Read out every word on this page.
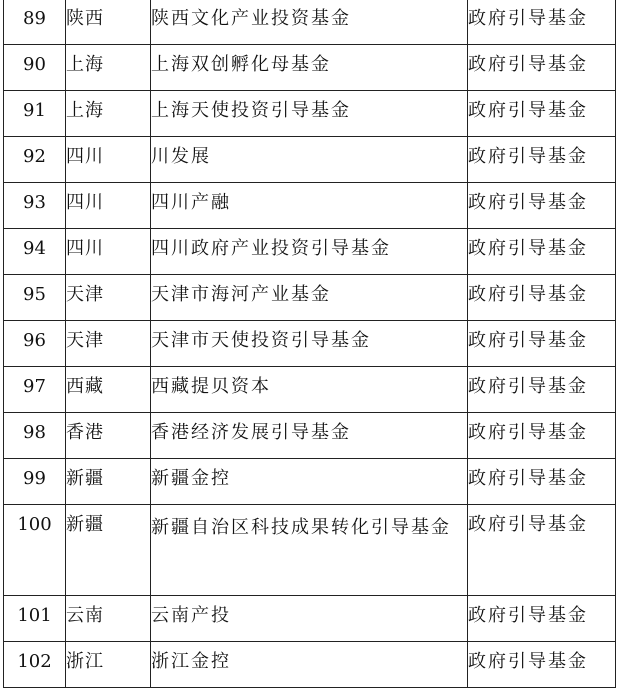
89	陕西	陕西文化产业投资基金	政府引导基金
90	上海	上海双创孵化母基金	政府引导基金
91	上海	上海天使投资引导基金	政府引导基金
92	四川	川发展	政府引导基金
93	四川	四川产融	政府引导基金
94	四川	四川政府产业投资引导基金	政府引导基金
95	天津	天津市海河产业基金	政府引导基金
96	天津	天津市天使投资引导基金	政府引导基金
97	西藏	西藏提贝资本	政府引导基金
98	香港	香港经济发展引导基金	政府引导基金
99	新疆	新疆金控	政府引导基金
100	新疆	新疆自治区科技成果转化引导基金	政府引导基金
101	云南	云南产投	政府引导基金
102	浙江	浙江金控	政府引导基金
